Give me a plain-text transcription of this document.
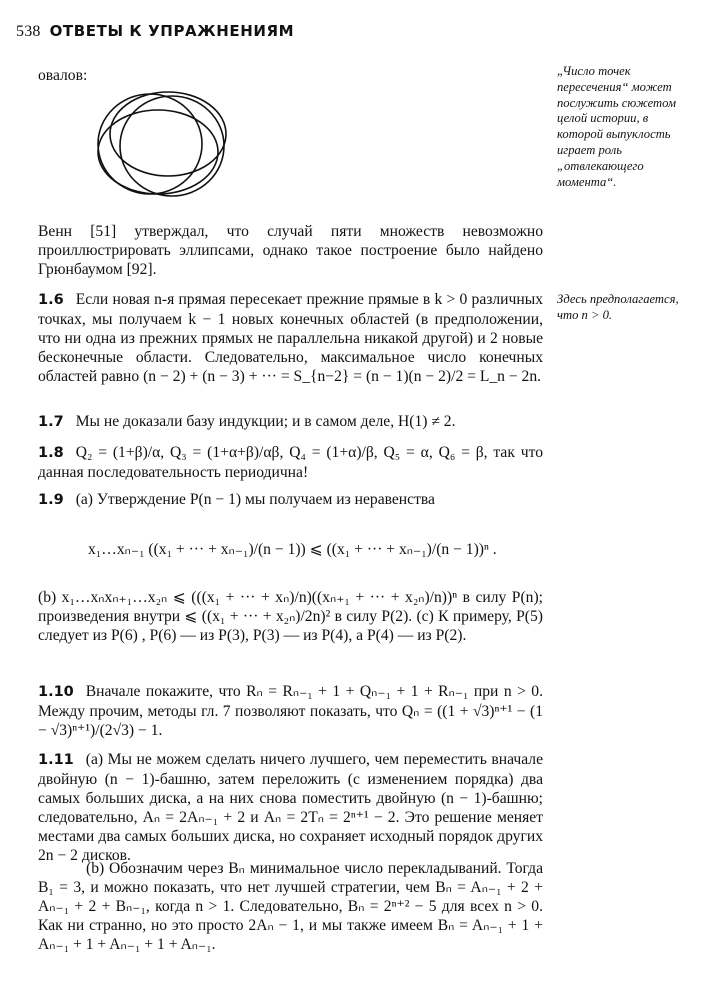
538 ОТВЕТЫ К УПРАЖНЕНИЯМ
овалов:	„Число точек пересечения“ может послужить сюжетом целой истории, в которой выпуклость играет роль „отвлекающего момента“.
Венн [51] утверждал, что случай пяти множеств невозможно проиллюстрировать эллипсами, однако такое построение было найдено Грюнбаумом [92].

1.6 Если новая n-я прямая пересекает прежние прямые в k > 0 различных точках, мы получаем k − 1 новых конечных областей (в предположении, что ни одна из прежних прямых не параллельна никакой другой) и 2 новые бесконечные области. Следовательно, максимальное число конечных областей равно (n − 2) + (n − 3) + ··· = S_{n−2} = (n − 1)(n − 2)/2 = L_n − 2n.

Здесь предполагается, что n > 0.

1.7 Мы не доказали базу индукции; и в самом деле, H(1) ≠ 2.

1.8 Q₂ = (1+β)/α, Q₃ = (1+α+β)/αβ, Q₄ = (1+α)/β, Q₅ = α, Q₆ = β, так что данная последовательность периодична!

1.9 (a) Утверждение P(n − 1) мы получаем из неравенства

x₁…xₙ₋₁ ((x₁ + ··· + xₙ₋₁)/(n − 1)) ⩽ ((x₁ + ··· + xₙ₋₁)/(n − 1))ⁿ .
(b) x₁…xₙxₙ₊₁…x₂ₙ ⩽ (((x₁ + ··· + xₙ)/n)((xₙ₊₁ + ··· + x₂ₙ)/n))ⁿ в силу P(n); произведения внутри ⩽ ((x₁ + ··· + x₂ₙ)/2n)² в силу P(2). (c) К примеру, P(5) следует из P(6) , P(6) — из P(3), P(3) — из P(4), а P(4) — из P(2).

1.10 Вначале покажите, что Rₙ = Rₙ₋₁ + 1 + Qₙ₋₁ + 1 + Rₙ₋₁ при n > 0. Между прочим, методы гл. 7 позволяют показать, что Qₙ = ((1 + √3)ⁿ⁺¹ − (1 − √3)ⁿ⁺¹)/(2√3) − 1.

1.11 (a) Мы не можем сделать ничего лучшего, чем переместить вначале двойную (n − 1)-башню, затем переложить (с изменением порядка) два самых больших диска, а на них снова поместить двойную (n − 1)-башню; следовательно, Aₙ = 2Aₙ₋₁ + 2 и Aₙ = 2Tₙ = 2ⁿ⁺¹ − 2. Это решение меняет местами два самых больших диска, но сохраняет исходный порядок других 2n − 2 дисков.

(b) Обозначим через Bₙ минимальное число перекладываний. Тогда B₁ = 3, и можно показать, что нет лучшей стратегии, чем Bₙ = Aₙ₋₁ + 2 + Aₙ₋₁ + 2 + Bₙ₋₁, когда n > 1. Следовательно, Bₙ = 2ⁿ⁺² − 5 для всех n > 0. Как ни странно, но это просто 2Aₙ − 1, и мы также имеем Bₙ = Aₙ₋₁ + 1 + Aₙ₋₁ + 1 + Aₙ₋₁ + 1 + Aₙ₋₁.
